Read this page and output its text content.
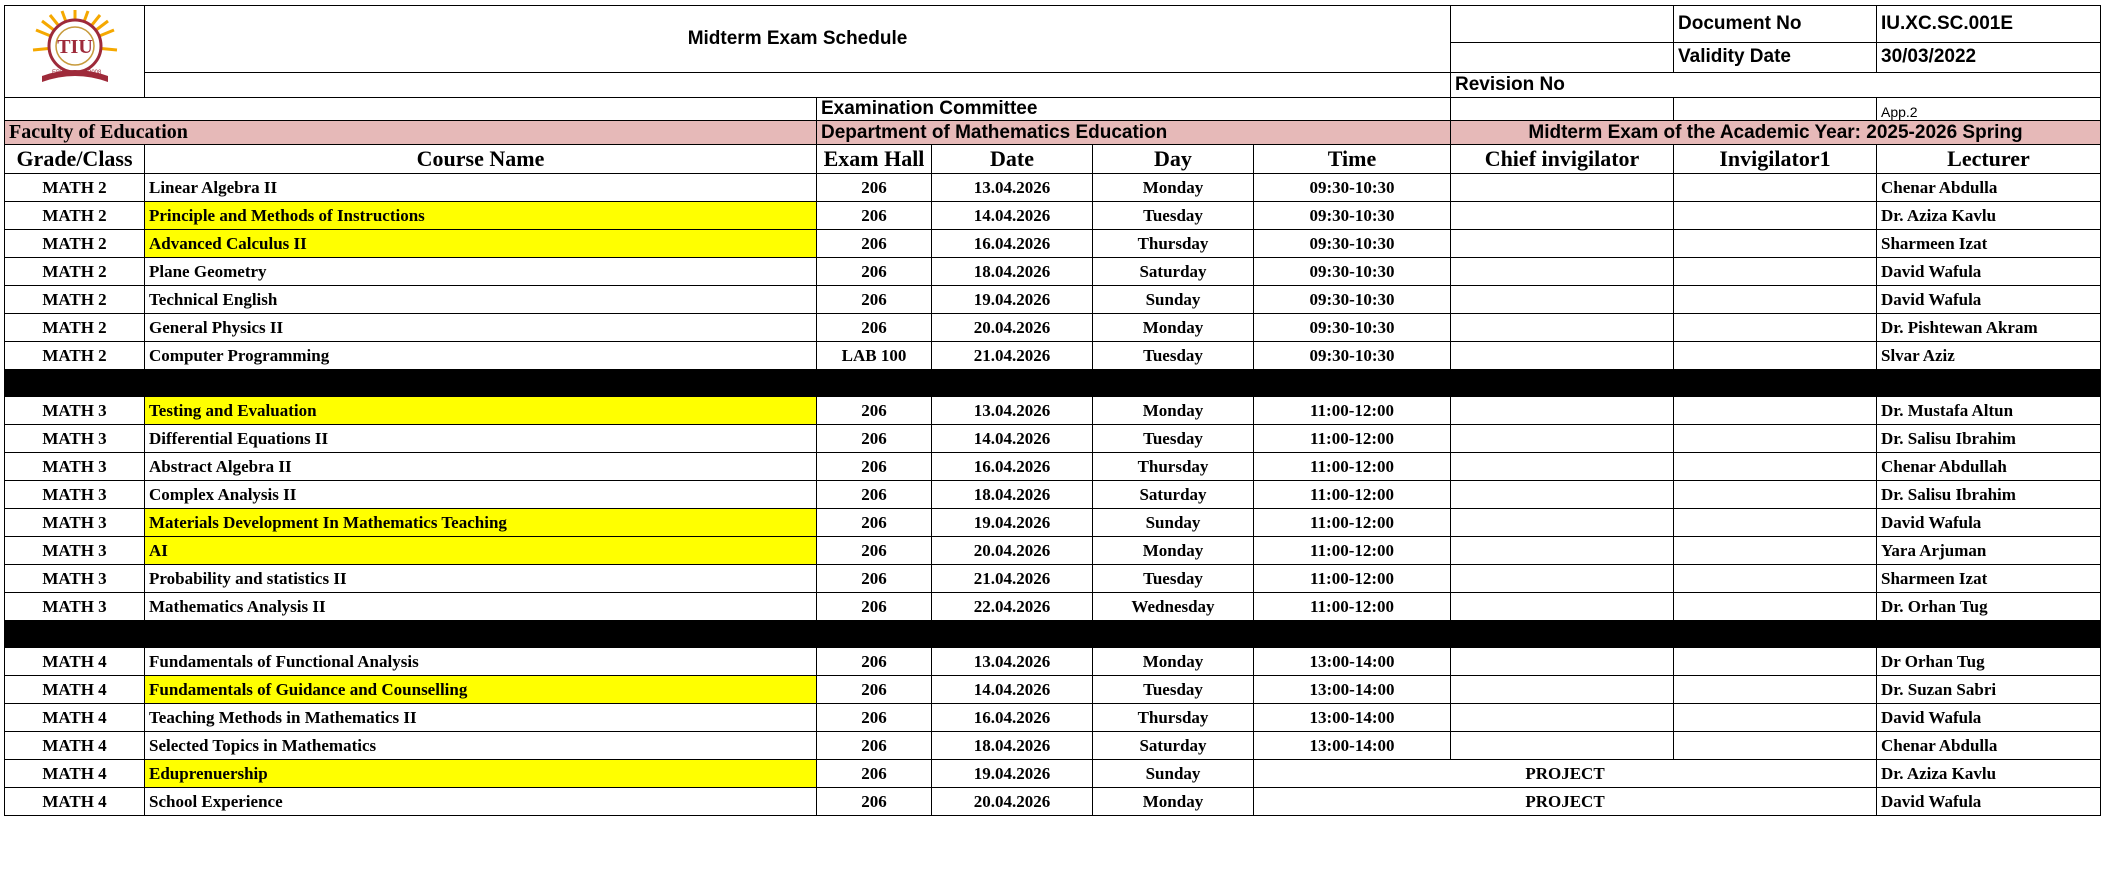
TIU
EBIL 2008	Midterm Exam Schedule						Document No	IU.XC.SC.001E
							Validity Date	30/03/2022
						Revision No		
		Examination Committee						App.2
Faculty of Education		Department of Mathematics Education				Midterm Exam of the Academic Year: 2025-2026 Spring		
Grade/Class	Course Name	Exam Hall	Date	Day	Time	Chief invigilator	Invigilator1	Lecturer
MATH 2	Linear Algebra II	206	13.04.2026	Monday	09:30-10:30			Chenar Abdulla
MATH 2	Principle and Methods of Instructions	206	14.04.2026	Tuesday	09:30-10:30			Dr. Aziza Kavlu
MATH 2	Advanced Calculus II	206	16.04.2026	Thursday	09:30-10:30			Sharmeen Izat
MATH 2	Plane Geometry	206	18.04.2026	Saturday	09:30-10:30			David Wafula
MATH 2	Technical English	206	19.04.2026	Sunday	09:30-10:30			David Wafula
MATH 2	General Physics II	206	20.04.2026	Monday	09:30-10:30			Dr. Pishtewan Akram
MATH 2	Computer Programming	LAB 100	21.04.2026	Tuesday	09:30-10:30			Slvar Aziz

MATH 3	Testing and Evaluation	206	13.04.2026	Monday	11:00-12:00			Dr. Mustafa Altun
MATH 3	Differential Equations II	206	14.04.2026	Tuesday	11:00-12:00			Dr. Salisu Ibrahim
MATH 3	Abstract Algebra II	206	16.04.2026	Thursday	11:00-12:00			Chenar Abdullah
MATH 3	Complex Analysis II	206	18.04.2026	Saturday	11:00-12:00			Dr. Salisu Ibrahim
MATH 3	Materials Development In Mathematics Teaching	206	19.04.2026	Sunday	11:00-12:00			David Wafula
MATH 3	AI	206	20.04.2026	Monday	11:00-12:00			Yara Arjuman
MATH 3	Probability and statistics II	206	21.04.2026	Tuesday	11:00-12:00			Sharmeen Izat
MATH 3	Mathematics Analysis II	206	22.04.2026	Wednesday	11:00-12:00			Dr. Orhan Tug

MATH 4	Fundamentals of Functional Analysis	206	13.04.2026	Monday	13:00-14:00			Dr Orhan Tug
MATH 4	Fundamentals of Guidance and Counselling	206	14.04.2026	Tuesday	13:00-14:00			Dr. Suzan Sabri
MATH 4	Teaching Methods in Mathematics II	206	16.04.2026	Thursday	13:00-14:00			David Wafula
MATH 4	Selected Topics in Mathematics	206	18.04.2026	Saturday	13:00-14:00			Chenar Abdulla
MATH 4	Eduprenuership	206	19.04.2026	Sunday	PROJECT			Dr. Aziza Kavlu
MATH 4	School Experience	206	20.04.2026	Monday	PROJECT			David Wafula
